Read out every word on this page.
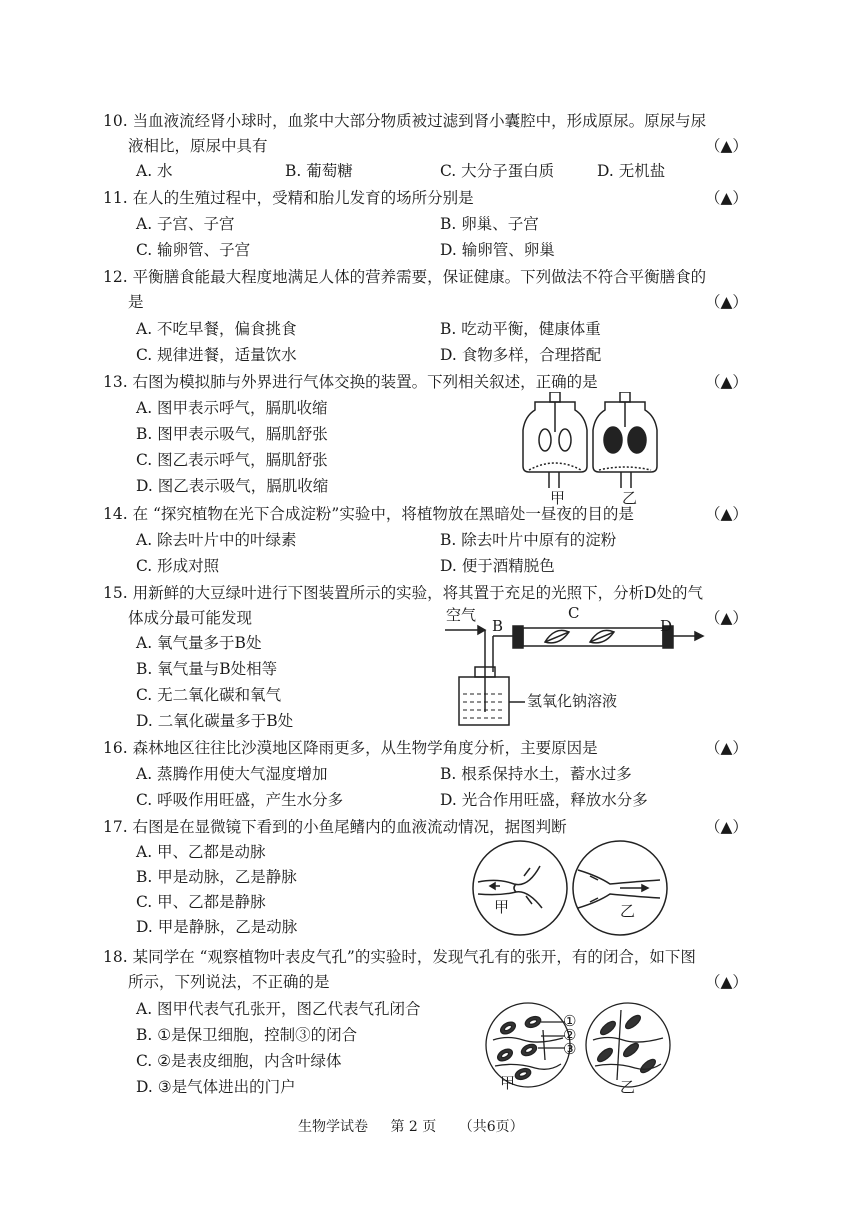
10. 当血液流经肾小球时，血浆中大部分物质被过滤到肾小囊腔中，形成原尿。原尿与尿
液相比，原尿中具有	（▲）
A. 水	B. 葡萄糖	C. 大分子蛋白质	D. 无机盐
11. 在人的生殖过程中，受精和胎儿发育的场所分别是	（▲）
A. 子宫、子宫	B. 卵巢、子宫
C. 输卵管、子宫	D. 输卵管、卵巢
12. 平衡膳食能最大程度地满足人体的营养需要，保证健康。下列做法不符合平衡膳食的
是	（▲）
A. 不吃早餐，偏食挑食	B. 吃动平衡，健康体重
C. 规律进餐，适量饮水	D. 食物多样，合理搭配
13. 右图为模拟肺与外界进行气体交换的装置。下列相关叙述，正确的是	（▲）
A. 图甲表示呼气，膈肌收缩
B. 图甲表示吸气，膈肌舒张
C. 图乙表示呼气，膈肌舒张
D. 图乙表示吸气，膈肌收缩
甲	乙
14. 在 “探究植物在光下合成淀粉”实验中，将植物放在黑暗处一昼夜的目的是	（▲）
A. 除去叶片中的叶绿素	B. 除去叶片中原有的淀粉
C. 形成对照	D. 便于酒精脱色
15. 用新鲜的大豆绿叶进行下图装置所示的实验，将其置于充足的光照下，分析D处的气
体成分最可能发现	（▲）
A. 氧气量多于B处
B. 氧气量与B处相等
C. 无二氧化碳和氧气
D. 二氧化碳量多于B处
空气
B
C
D
氢氧化钠溶液
16. 森林地区往往比沙漠地区降雨更多，从生物学角度分析，主要原因是	（▲）
A. 蒸腾作用使大气湿度增加	B. 根系保持水土，蓄水过多
C. 呼吸作用旺盛，产生水分多	D. 光合作用旺盛，释放水分多
17. 右图是在显微镜下看到的小鱼尾鳍内的血液流动情况，据图判断	（▲）
A. 甲、乙都是动脉
B. 甲是动脉，乙是静脉
C. 甲、乙都是静脉
D. 甲是静脉，乙是动脉
甲	乙
18. 某同学在 “观察植物叶表皮气孔”的实验时，发现气孔有的张开，有的闭合，如下图
所示，下列说法，不正确的是	（▲）
A. 图甲代表气孔张开，图乙代表气孔闭合
B. ①是保卫细胞，控制③的闭合
C. ②是表皮细胞，内含叶绿体
D. ③是气体进出的门户
①
②
③
甲	乙
生物学试卷 第 2 页 （共6页）
